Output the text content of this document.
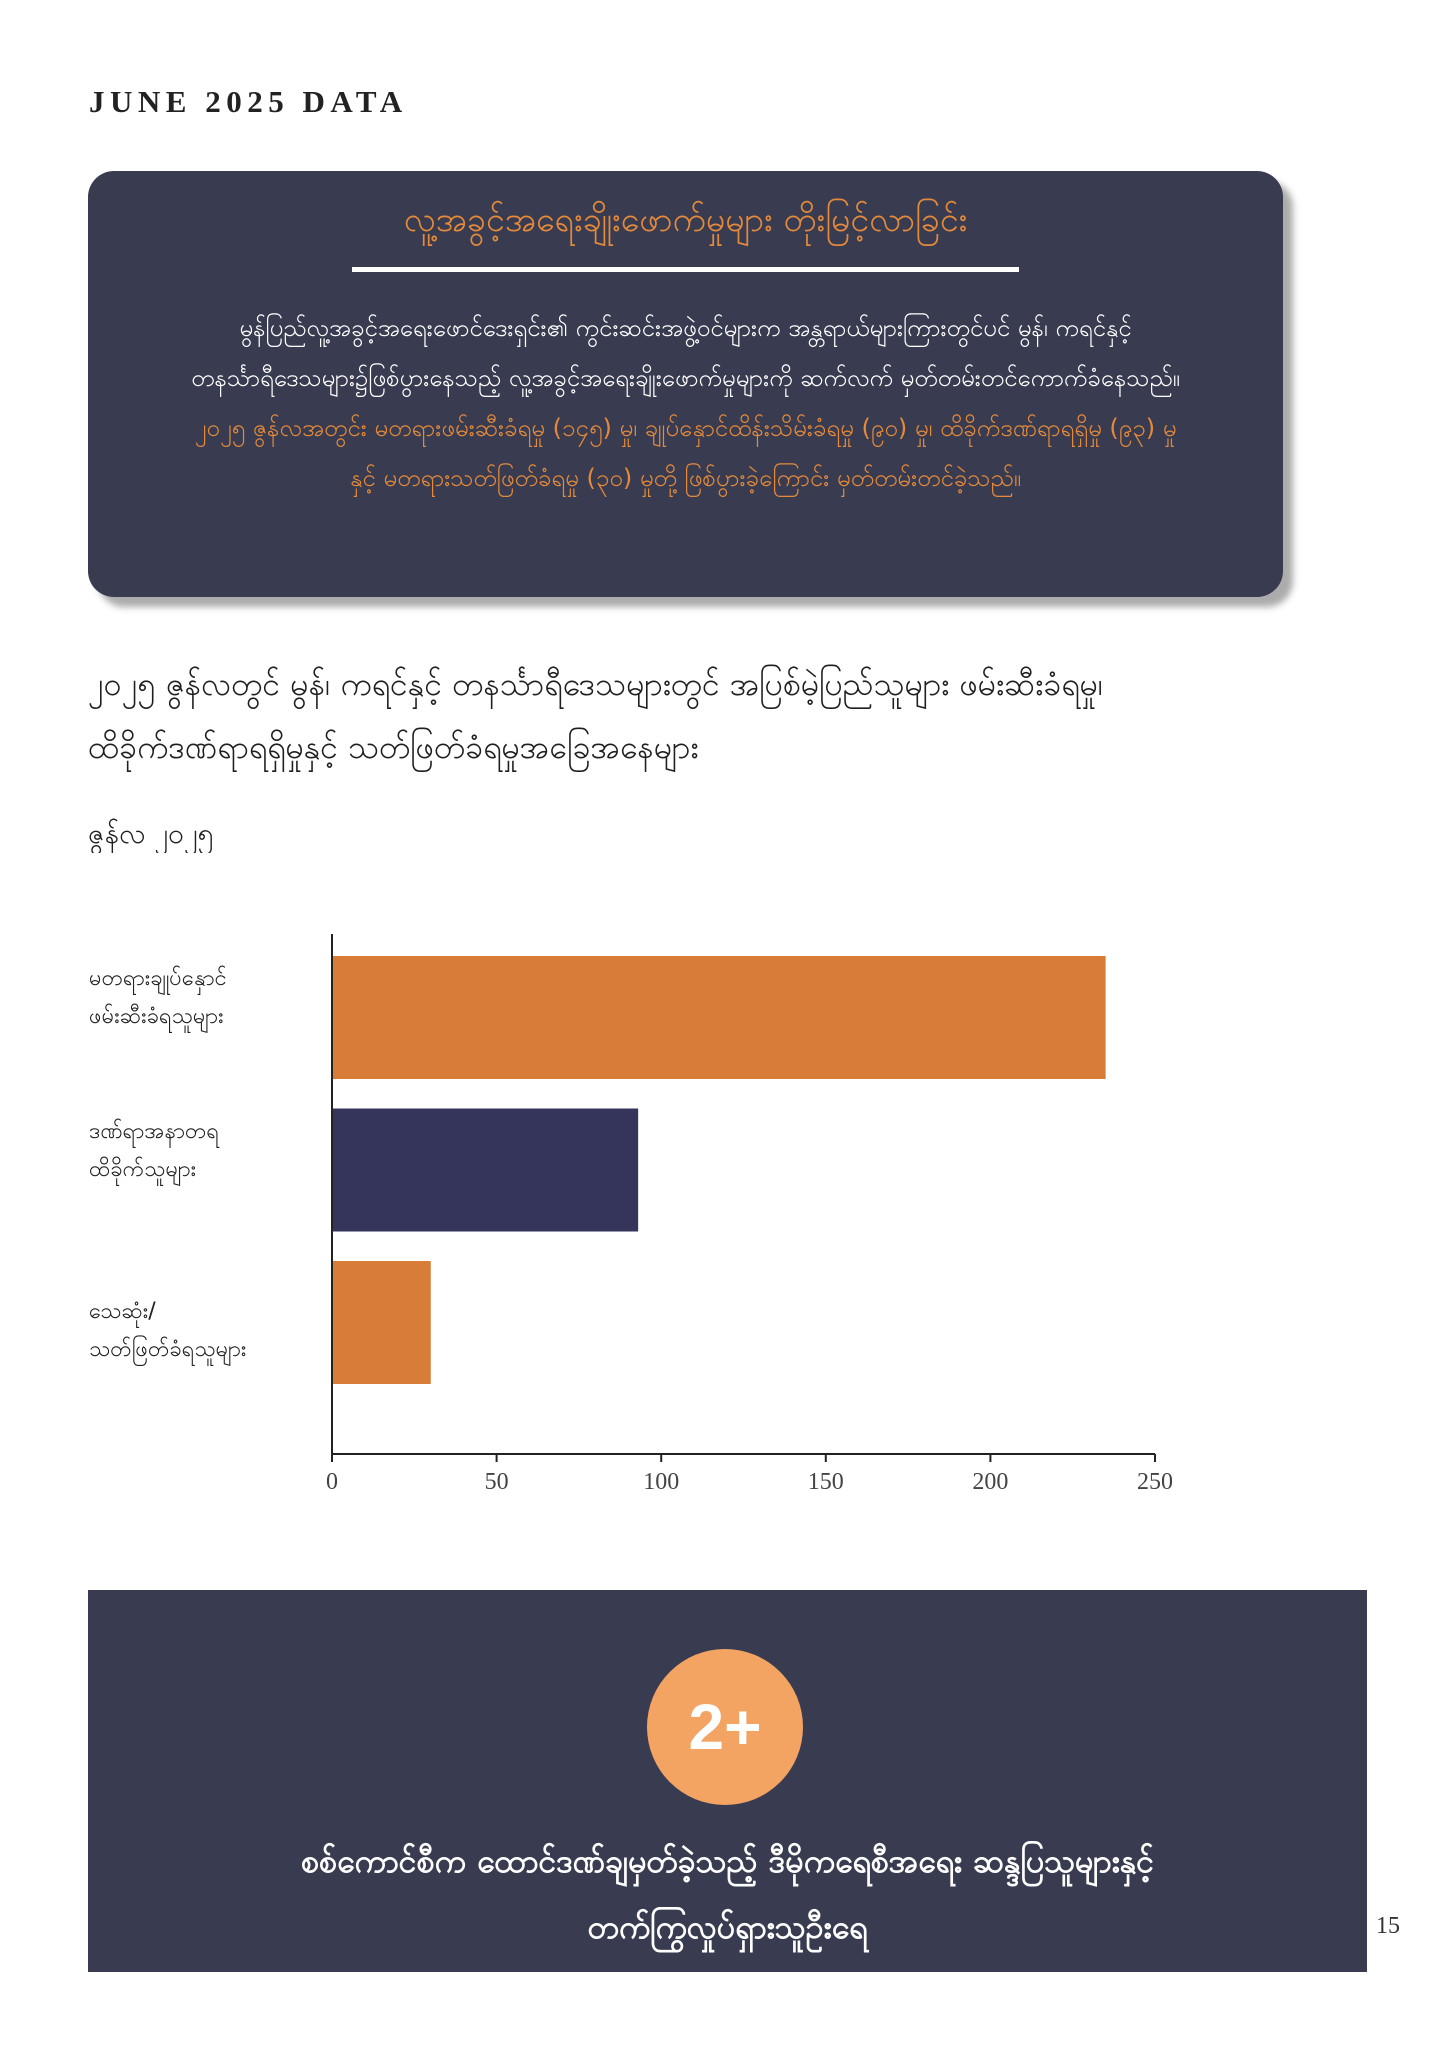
JUNE 2025 DATA
လူ့အခွင့်အရေးချိုးဖောက်မှုများ တိုးမြင့်လာခြင်း
မွန်ပြည်လူ့အခွင့်အရေးဖောင်ဒေးရှင်း၏ ကွင်းဆင်းအဖွဲ့ဝင်များက အန္တရာယ်များကြားတွင်ပင် မွန်၊ ကရင်နှင့်
တနင်္သာရီဒေသများ၌ဖြစ်ပွားနေသည့် လူ့အခွင့်အရေးချိုးဖောက်မှုများကို ဆက်လက် မှတ်တမ်းတင်ကောက်ခံနေသည်။
၂၀၂၅ ဇွန်လအတွင်း မတရားဖမ်းဆီးခံရမှု (၁၄၅) မှု၊ ချုပ်နှောင်ထိန်းသိမ်းခံရမှု (၉၀) မှု၊ ထိခိုက်ဒဏ်ရာရရှိမှု (၉၃) မှု
နှင့် မတရားသတ်ဖြတ်ခံရမှု (၃၀) မှုတို့ ဖြစ်ပွားခဲ့ကြောင်း မှတ်တမ်းတင်ခဲ့သည်။
၂၀၂၅ ဇွန်လတွင် မွန်၊ ကရင်နှင့် တနင်္သာရီဒေသများတွင် အပြစ်မဲ့ပြည်သူများ ဖမ်းဆီးခံရမှု၊
ထိခိုက်ဒဏ်ရာရရှိမှုနှင့် သတ်ဖြတ်ခံရမှုအခြေအနေများ
ဇွန်လ ၂၀၂၅
0	50	100	150	200	250
မတရားချုပ်နှောင်
ဖမ်းဆီးခံရသူများ
ဒဏ်ရာအနာတရ
ထိခိုက်သူများ
သေဆုံး/
သတ်ဖြတ်ခံရသူများ
2+
စစ်ကောင်စီက ထောင်ဒဏ်ချမှတ်ခဲ့သည့် ဒီမိုကရေစီအရေး ဆန္ဒပြသူများနှင့်
တက်ကြွလှုပ်ရှားသူဦးရေ	15
